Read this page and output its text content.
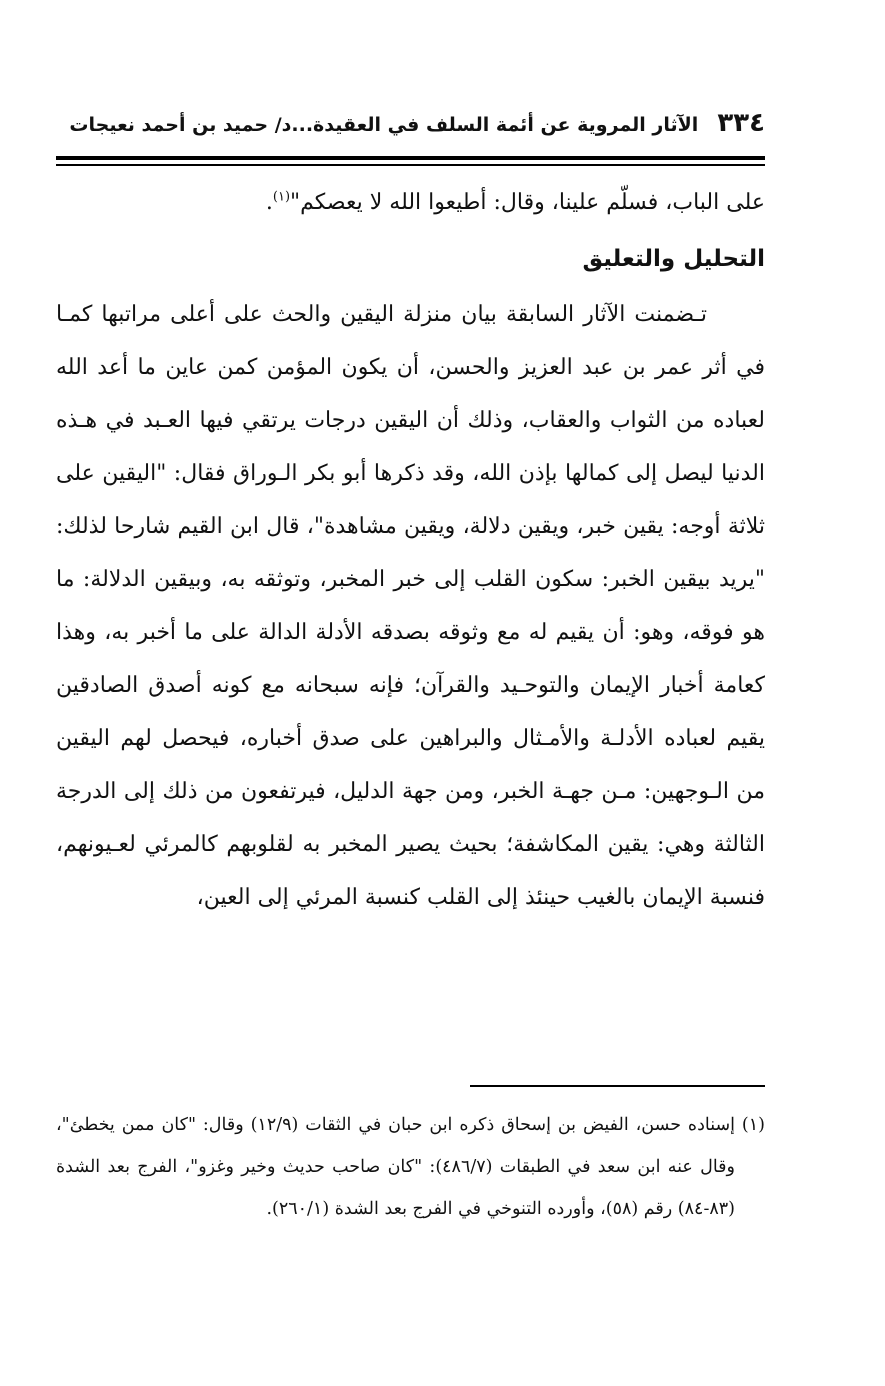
٣٣٤ الآثار المروية عن أئمة السلف في العقيدة...د/ حميد بن أحمد نعيجات

على الباب، فسلّم علينا، وقال: أطيعوا الله لا يعصكم"$^{(١)}$.

التحليل والتعليق

تـضمنت الآثار السابقة بيان منزلة اليقين والحث على أعلى مراتبها كمـا في أثر عمر بن عبد العزيز والحسن، أن يكون المؤمن كمن عاين ما أعد الله لعباده من الثواب والعقاب، وذلك أن اليقين درجات يرتقي فيها العـبد في هـذه الدنيا ليصل إلى كمالها بإذن الله، وقد ذكرها أبو بكر الـوراق فقال: "اليقين على ثلاثة أوجه: يقين خبر، ويقين دلالة، ويقين مشاهدة"، قال ابن القيم شارحا لذلك: "يريد بيقين الخبر: سكون القلب إلى خبر المخبر، وتوثقه به، وبيقين الدلالة: ما هو فوقه، وهو: أن يقيم له مع وثوقه بصدقه الأدلة الدالة على ما أخبر به، وهذا كعامة أخبار الإيمان والتوحـيد والقرآن؛ فإنه سبحانه مع كونه أصدق الصادقين يقيم لعباده الأدلـة والأمـثال والبراهين على صدق أخباره، فيحصل لهم اليقين من الـوجهين: مـن جهـة الخبر، ومن جهة الدليل، فيرتفعون من ذلك إلى الدرجة الثالثة وهي: يقين المكاشفة؛ بحيث يصير المخبر به لقلوبهم كالمرئي لعـيونهم، فنسبة الإيمان بالغيب حينئذ إلى القلب كنسبة المرئي إلى العين،

(١) إسناده حسن، الفيض بن إسحاق ذكره ابن حبان في الثقات (١٢/٩) وقال: "كان ممن يخطئ"، وقال عنه ابن سعد في الطبقات (٤٨٦/٧): "كان صاحب حديث وخير وغزو"، الفرج بعد الشدة (٨٣-٨٤) رقم (٥٨)، وأورده التنوخي في الفرج بعد الشدة (٢٦٠/١).
